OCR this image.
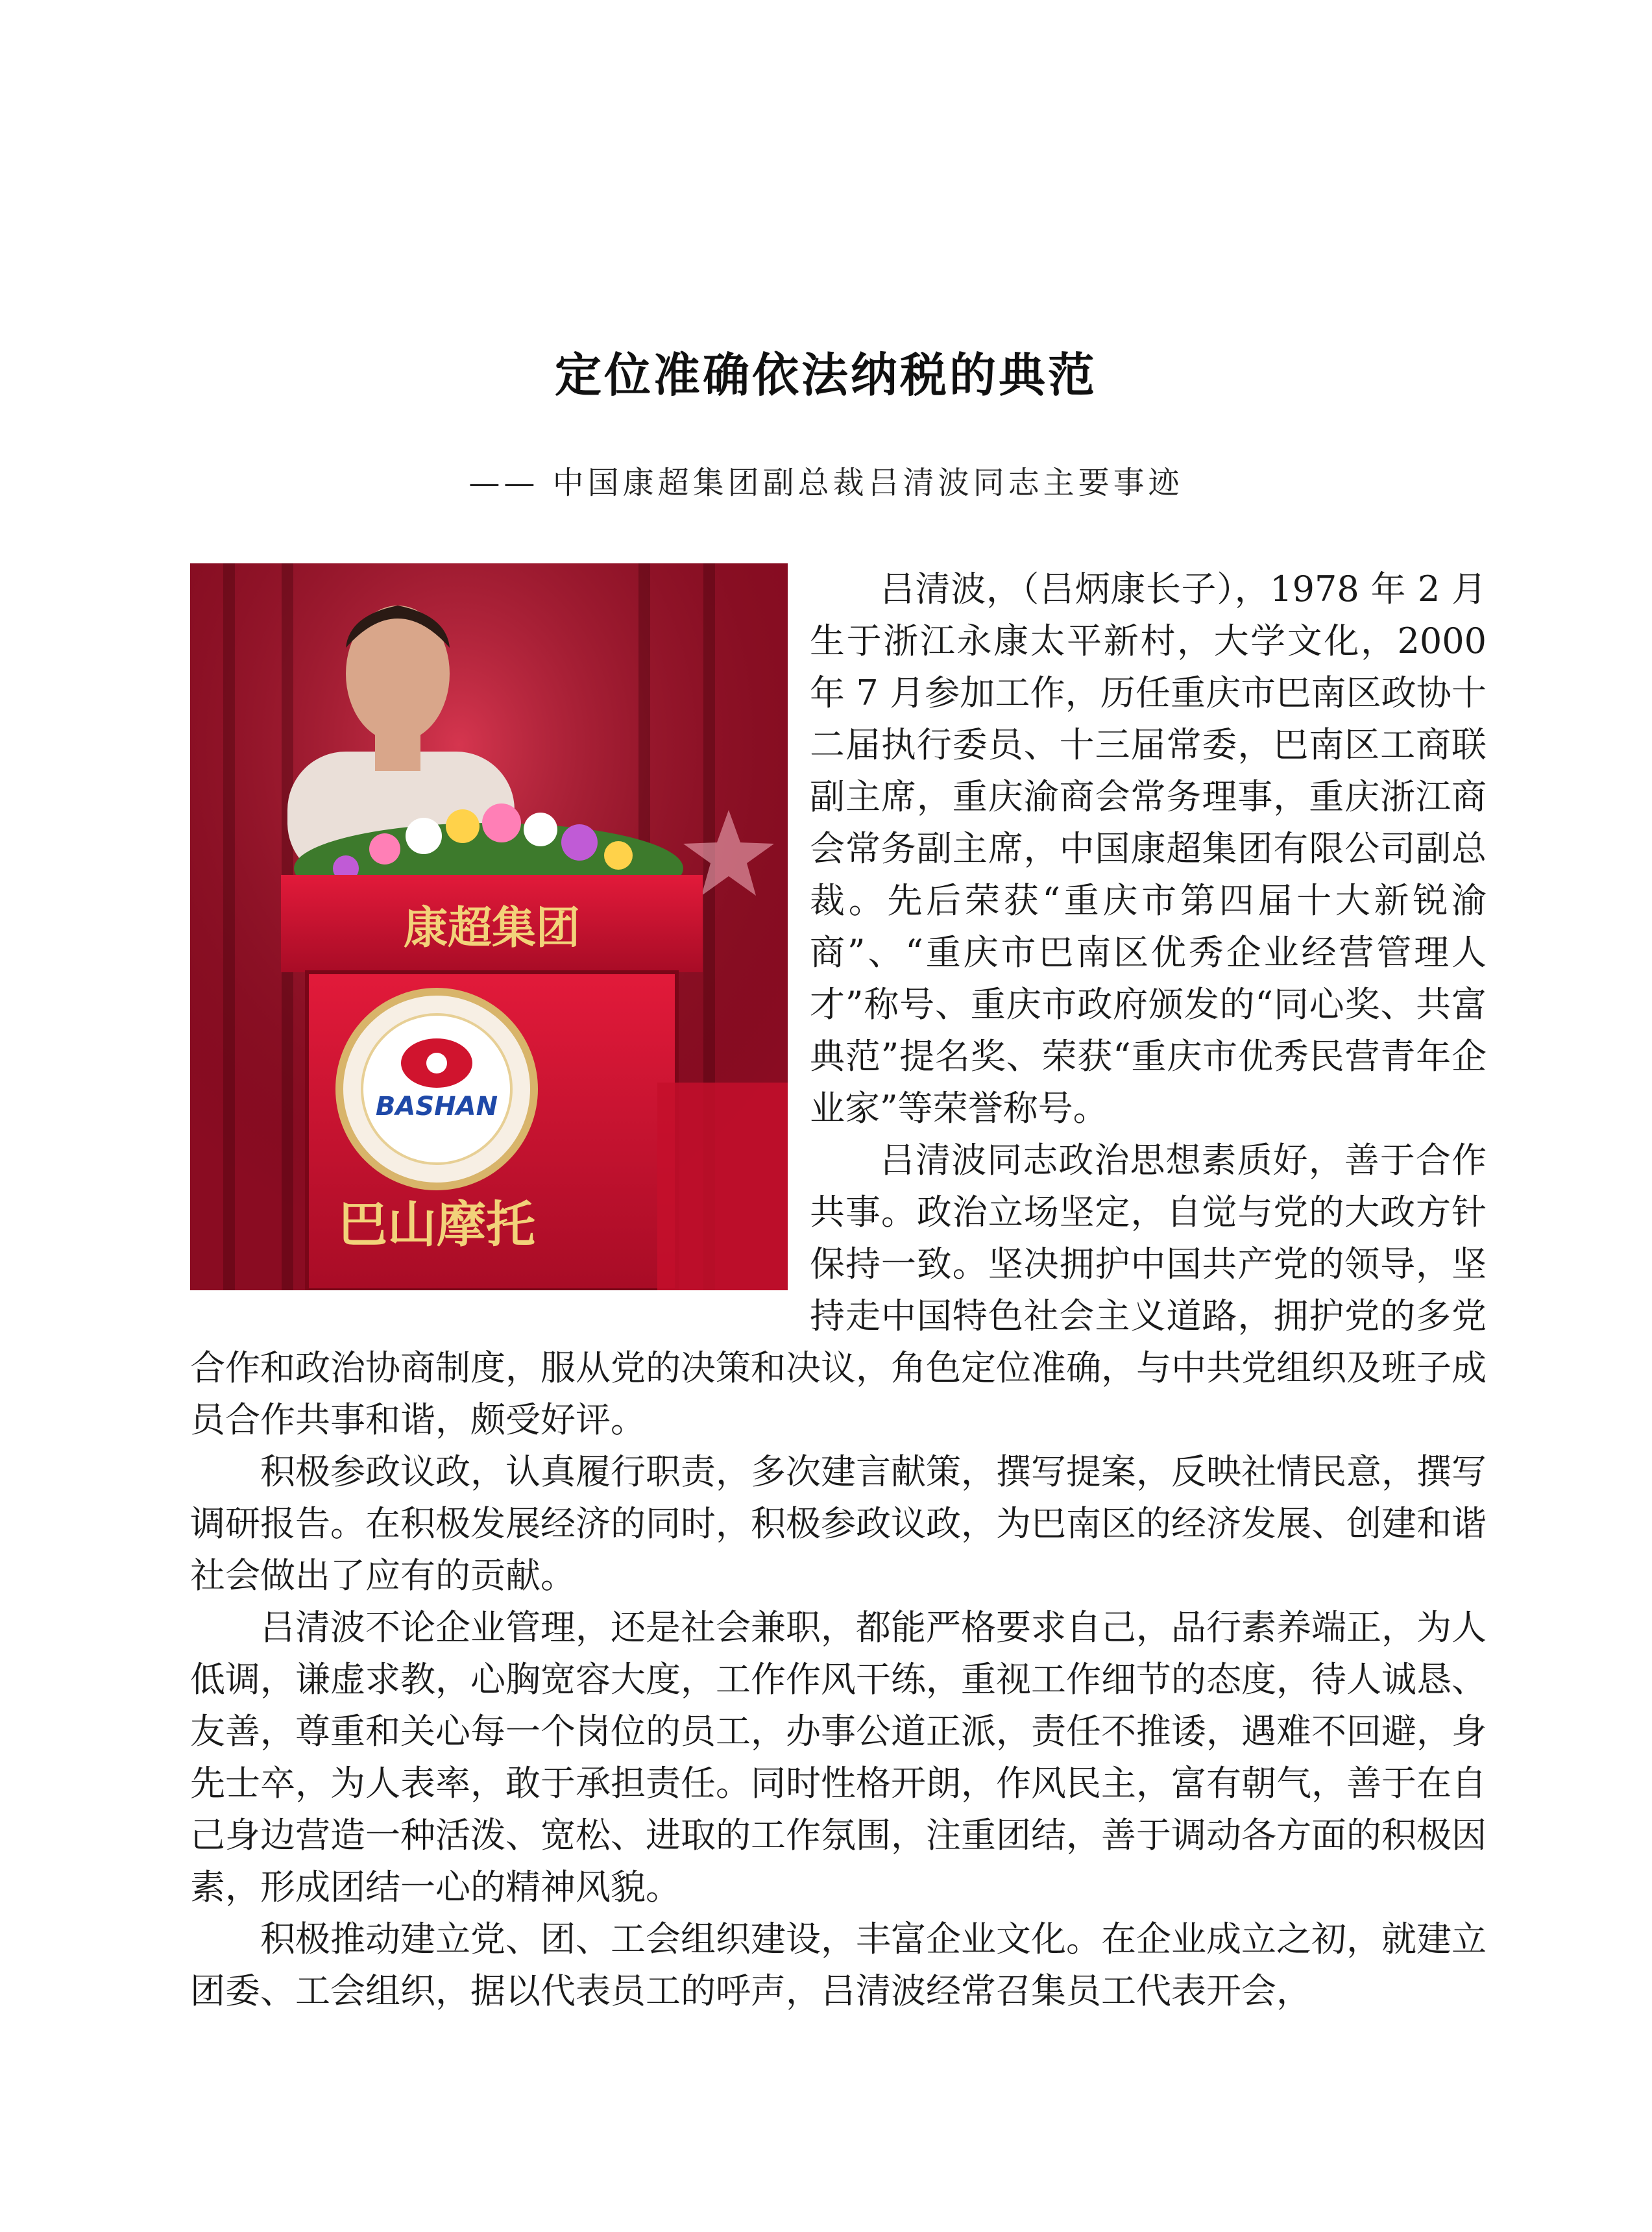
定位准确依法纳税的典范
—— 中国康超集团副总裁吕清波同志主要事迹
康超集团
BASHAN
巴山摩托

吕清波，（吕炳康长子），1978 年 2 月生于浙江永康太平新村，大学文化，2000 年 7 月参加工作，历任重庆市巴南区政协十二届执行委员、十三届常委，巴南区工商联副主席，重庆渝商会常务理事，重庆浙江商会常务副主席，中国康超集团有限公司副总裁。先后荣获“重庆市第四届十大新锐渝商”、“重庆市巴南区优秀企业经营管理人才”称号、重庆市政府颁发的“同心奖、共富典范”提名奖、荣获“重庆市优秀民营青年企业家”等荣誉称号。

吕清波同志政治思想素质好，善于合作共事。政治立场坚定，自觉与党的大政方针保持一致。坚决拥护中国共产党的领导，坚持走中国特色社会主义道路，拥护党的多党合作和政治协商制度，服从党的决策和决议，角色定位准确，与中共党组织及班子成员合作共事和谐，颇受好评。

积极参政议政，认真履行职责，多次建言献策，撰写提案，反映社情民意，撰写调研报告。在积极发展经济的同时，积极参政议政，为巴南区的经济发展、创建和谐社会做出了应有的贡献。

吕清波不论企业管理，还是社会兼职，都能严格要求自己，品行素养端正，为人低调，谦虚求教，心胸宽容大度，工作作风干练，重视工作细节的态度，待人诚恳、友善，尊重和关心每一个岗位的员工，办事公道正派，责任不推诿，遇难不回避，身先士卒，为人表率，敢于承担责任。同时性格开朗，作风民主，富有朝气，善于在自己身边营造一种活泼、宽松、进取的工作氛围，注重团结，善于调动各方面的积极因素，形成团结一心的精神风貌。

积极推动建立党、团、工会组织建设，丰富企业文化。在企业成立之初，就建立团委、工会组织，据以代表员工的呼声，吕清波经常召集员工代表开会，
